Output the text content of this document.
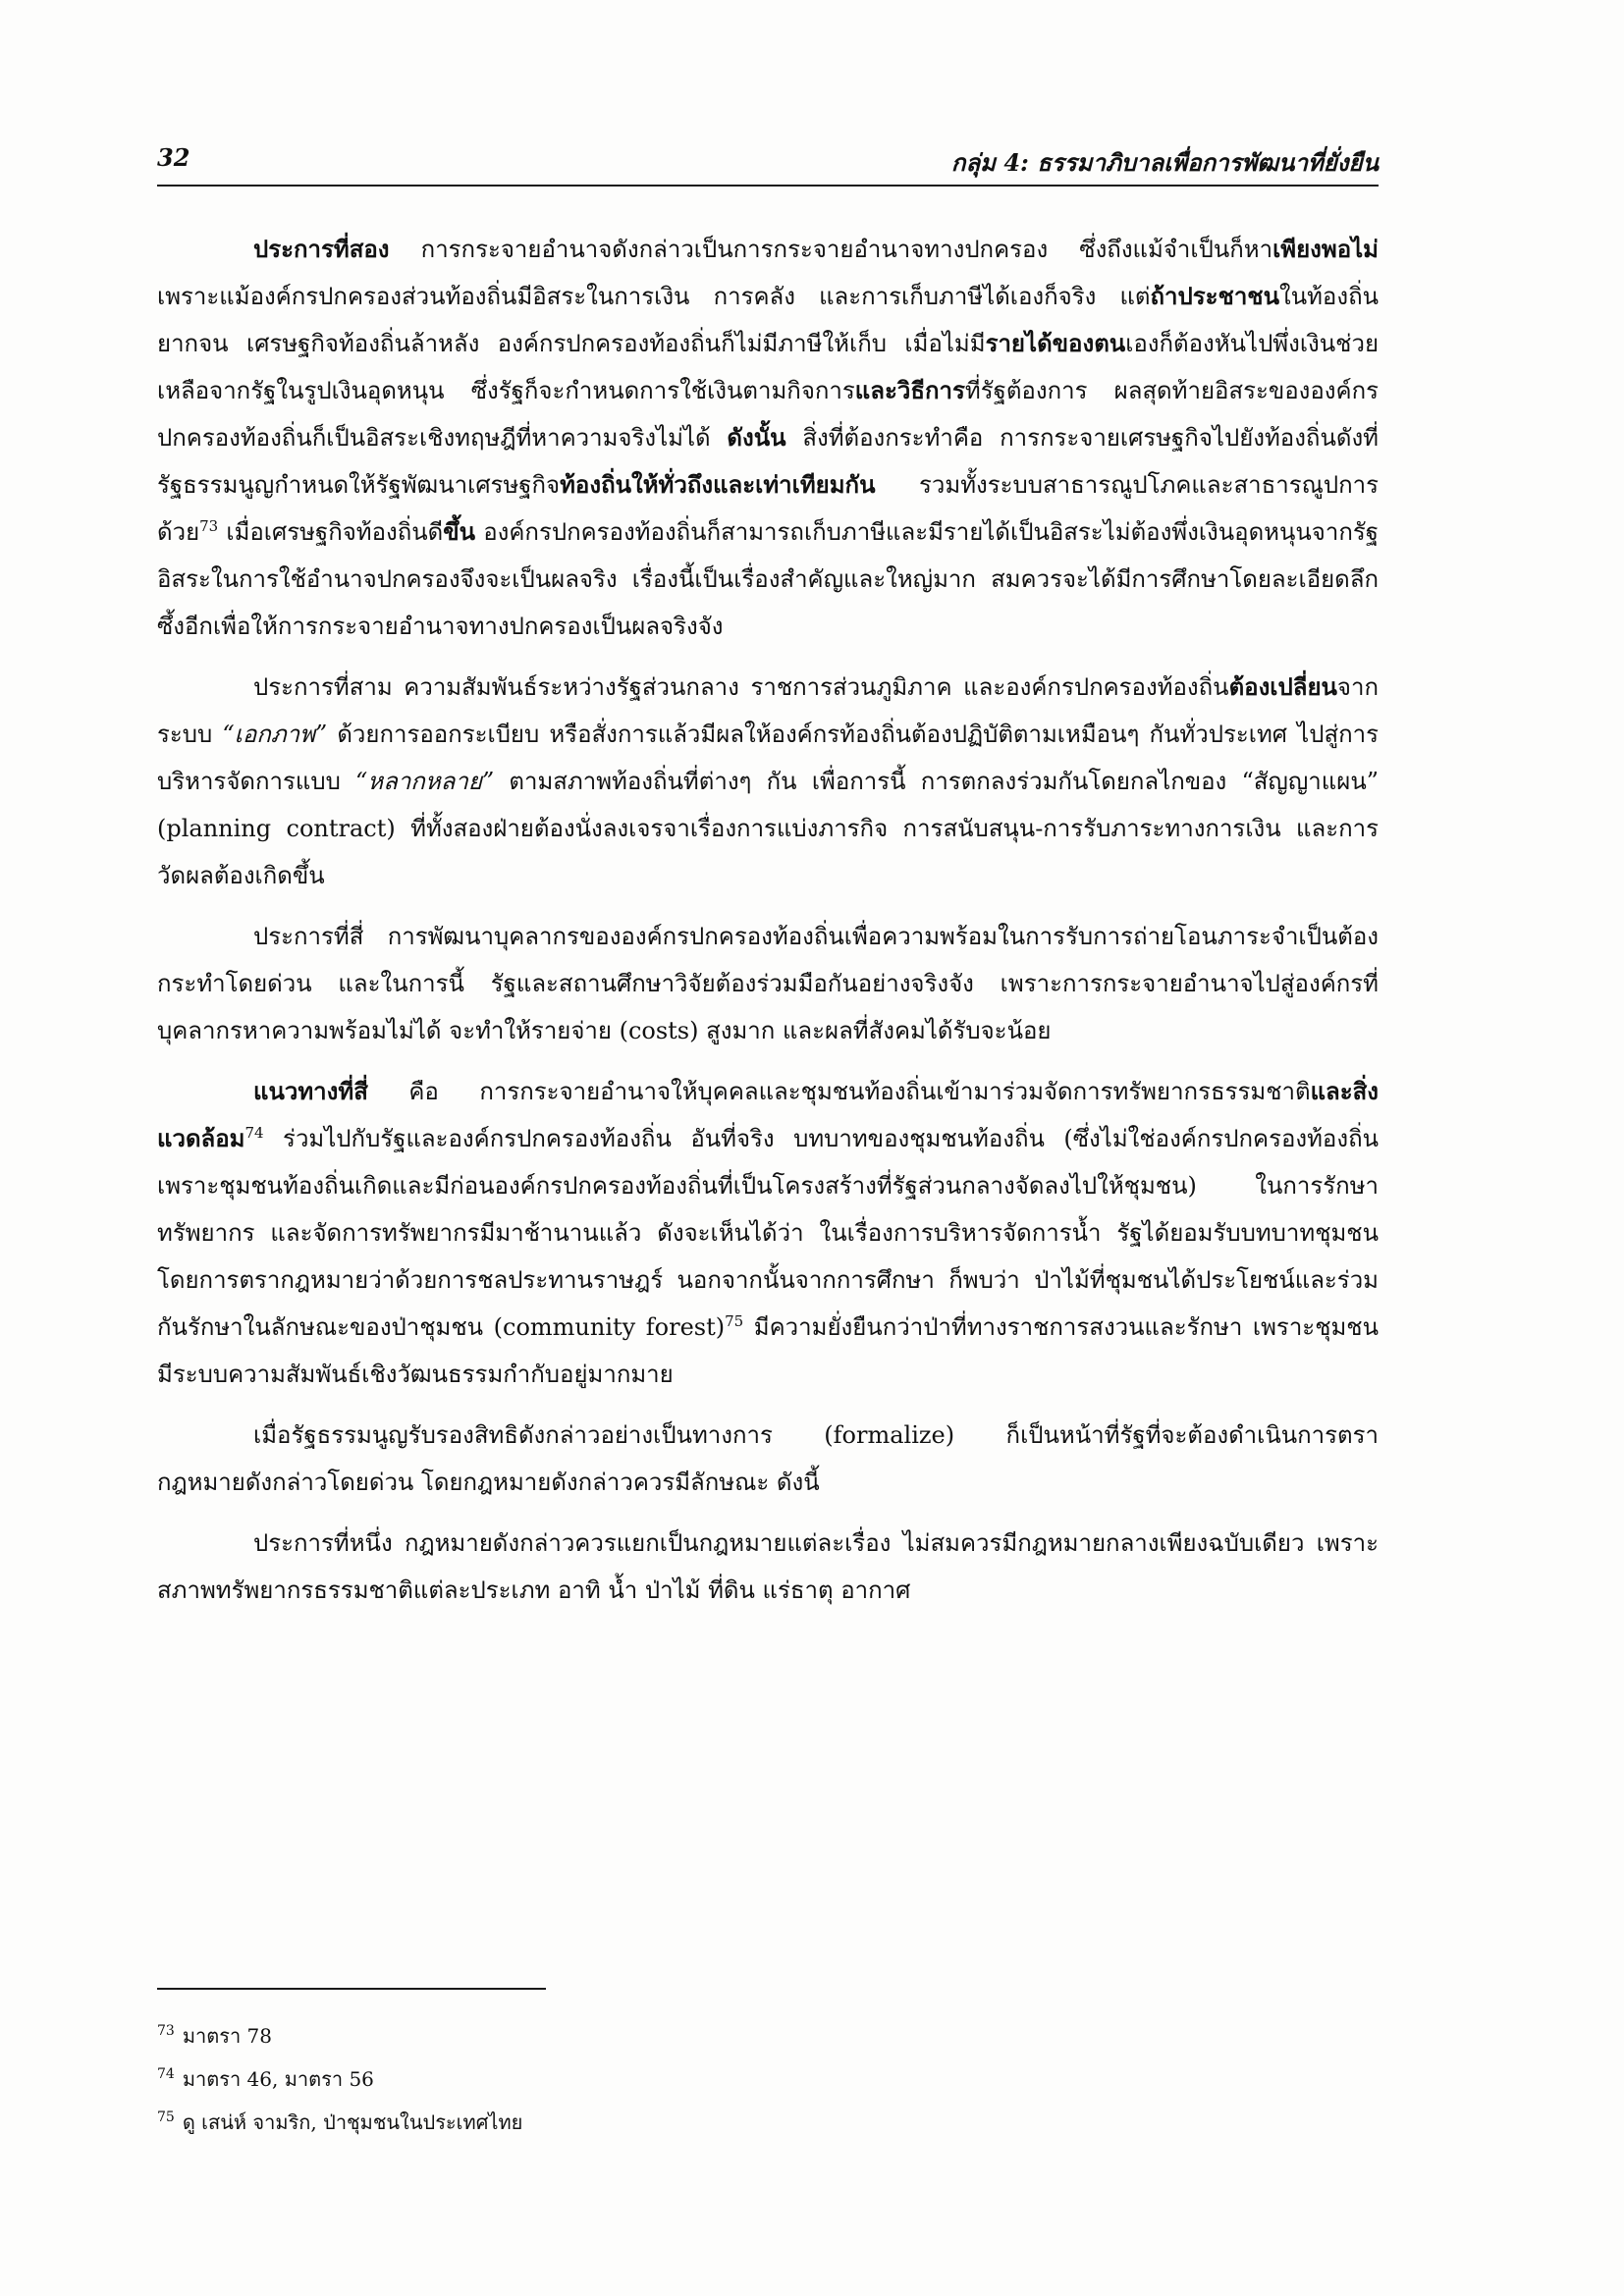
32	กลุ่ม 4: ธรรมาภิบาลเพื่อการพัฒนาที่ยั่งยืน

ประการที่สอง การกระจายอำนาจดังกล่าวเป็นการกระจายอำนาจทางปกครอง ซึ่งถึงแม้จำเป็นก็หาเพียงพอไม่ เพราะแม้องค์กรปกครองส่วนท้องถิ่นมีอิสระในการเงิน การคลัง และการเก็บภาษีได้เองก็จริง แต่ถ้าประชาชนในท้องถิ่นยากจน เศรษฐกิจท้องถิ่นล้าหลัง องค์กรปกครองท้องถิ่นก็ไม่มีภาษีให้เก็บ เมื่อไม่มีรายได้ของตนเองก็ต้องหันไปพึ่งเงินช่วยเหลือจากรัฐในรูปเงินอุดหนุน ซึ่งรัฐก็จะกำหนดการใช้เงินตามกิจการและวิธีการที่รัฐต้องการ ผลสุดท้ายอิสระขององค์กรปกครองท้องถิ่นก็เป็นอิสระเชิงทฤษฎีที่หาความจริงไม่ได้ ดังนั้น สิ่งที่ต้องกระทำคือ การกระจายเศรษฐกิจไปยังท้องถิ่นดังที่รัฐธรรมนูญกำหนดให้รัฐพัฒนาเศรษฐกิจท้องถิ่นให้ทั่วถึงและเท่าเทียมกัน รวมทั้งระบบสาธารณูปโภคและสาธารณูปการด้วย$^{73}$ เมื่อเศรษฐกิจท้องถิ่นดีขึ้น องค์กรปกครองท้องถิ่นก็สามารถเก็บภาษีและมีรายได้เป็นอิสระไม่ต้องพึ่งเงินอุดหนุนจากรัฐ อิสระในการใช้อำนาจปกครองจึงจะเป็นผลจริง เรื่องนี้เป็นเรื่องสำคัญและใหญ่มาก สมควรจะได้มีการศึกษาโดยละเอียดลึกซึ้งอีกเพื่อให้การกระจายอำนาจทางปกครองเป็นผลจริงจัง

ประการที่สาม ความสัมพันธ์ระหว่างรัฐส่วนกลาง ราชการส่วนภูมิภาค และองค์กรปกครองท้องถิ่นต้องเปลี่ยนจากระบบ “เอกภาพ” ด้วยการออกระเบียบ หรือสั่งการแล้วมีผลให้องค์กรท้องถิ่นต้องปฏิบัติตามเหมือนๆ กันทั่วประเทศ ไปสู่การบริหารจัดการแบบ “หลากหลาย” ตามสภาพท้องถิ่นที่ต่างๆ กัน เพื่อการนี้ การตกลงร่วมกันโดยกลไกของ “สัญญาแผน” (planning contract) ที่ทั้งสองฝ่ายต้องนั่งลงเจรจาเรื่องการแบ่งภารกิจ การสนับสนุน-การรับภาระทางการเงิน และการวัดผลต้องเกิดขึ้น

ประการที่สี่ การพัฒนาบุคลากรขององค์กรปกครองท้องถิ่นเพื่อความพร้อมในการรับการถ่ายโอนภาระจำเป็นต้องกระทำโดยด่วน และในการนี้ รัฐและสถานศึกษาวิจัยต้องร่วมมือกันอย่างจริงจัง เพราะการกระจายอำนาจไปสู่องค์กรที่บุคลากรหาความพร้อมไม่ได้ จะทำให้รายจ่าย (costs) สูงมาก และผลที่สังคมได้รับจะน้อย

แนวทางที่สี่ คือ การกระจายอำนาจให้บุคคลและชุมชนท้องถิ่นเข้ามาร่วมจัดการทรัพยากรธรรมชาติและสิ่งแวดล้อม$^{74}$ ร่วมไปกับรัฐและองค์กรปกครองท้องถิ่น อันที่จริง บทบาทของชุมชนท้องถิ่น (ซึ่งไม่ใช่องค์กรปกครองท้องถิ่น เพราะชุมชนท้องถิ่นเกิดและมีก่อนองค์กรปกครองท้องถิ่นที่เป็นโครงสร้างที่รัฐส่วนกลางจัดลงไปให้ชุมชน) ในการรักษาทรัพยากร และจัดการทรัพยากรมีมาช้านานแล้ว ดังจะเห็นได้ว่า ในเรื่องการบริหารจัดการน้ำ รัฐได้ยอมรับบทบาทชุมชนโดยการตรากฎหมายว่าด้วยการชลประทานราษฎร์ นอกจากนั้นจากการศึกษา ก็พบว่า ป่าไม้ที่ชุมชนได้ประโยชน์และร่วมกันรักษาในลักษณะของป่าชุมชน (community forest)$^{75}$ มีความยั่งยืนกว่าป่าที่ทางราชการสงวนและรักษา เพราะชุมชนมีระบบความสัมพันธ์เชิงวัฒนธรรมกำกับอยู่มากมาย

เมื่อรัฐธรรมนูญรับรองสิทธิดังกล่าวอย่างเป็นทางการ (formalize) ก็เป็นหน้าที่รัฐที่จะต้องดำเนินการตรากฎหมายดังกล่าวโดยด่วน โดยกฎหมายดังกล่าวควรมีลักษณะ ดังนี้

ประการที่หนึ่ง กฎหมายดังกล่าวควรแยกเป็นกฎหมายแต่ละเรื่อง ไม่สมควรมีกฎหมายกลางเพียงฉบับเดียว เพราะสภาพทรัพยากรธรรมชาติแต่ละประเภท อาทิ น้ำ ป่าไม้ ที่ดิน แร่ธาตุ อากาศ

$^{73}$ มาตรา 78
$^{74}$ มาตรา 46, มาตรา 56
$^{75}$ ดู เสน่ห์ จามริก, ป่าชุมชนในประเทศไทย
